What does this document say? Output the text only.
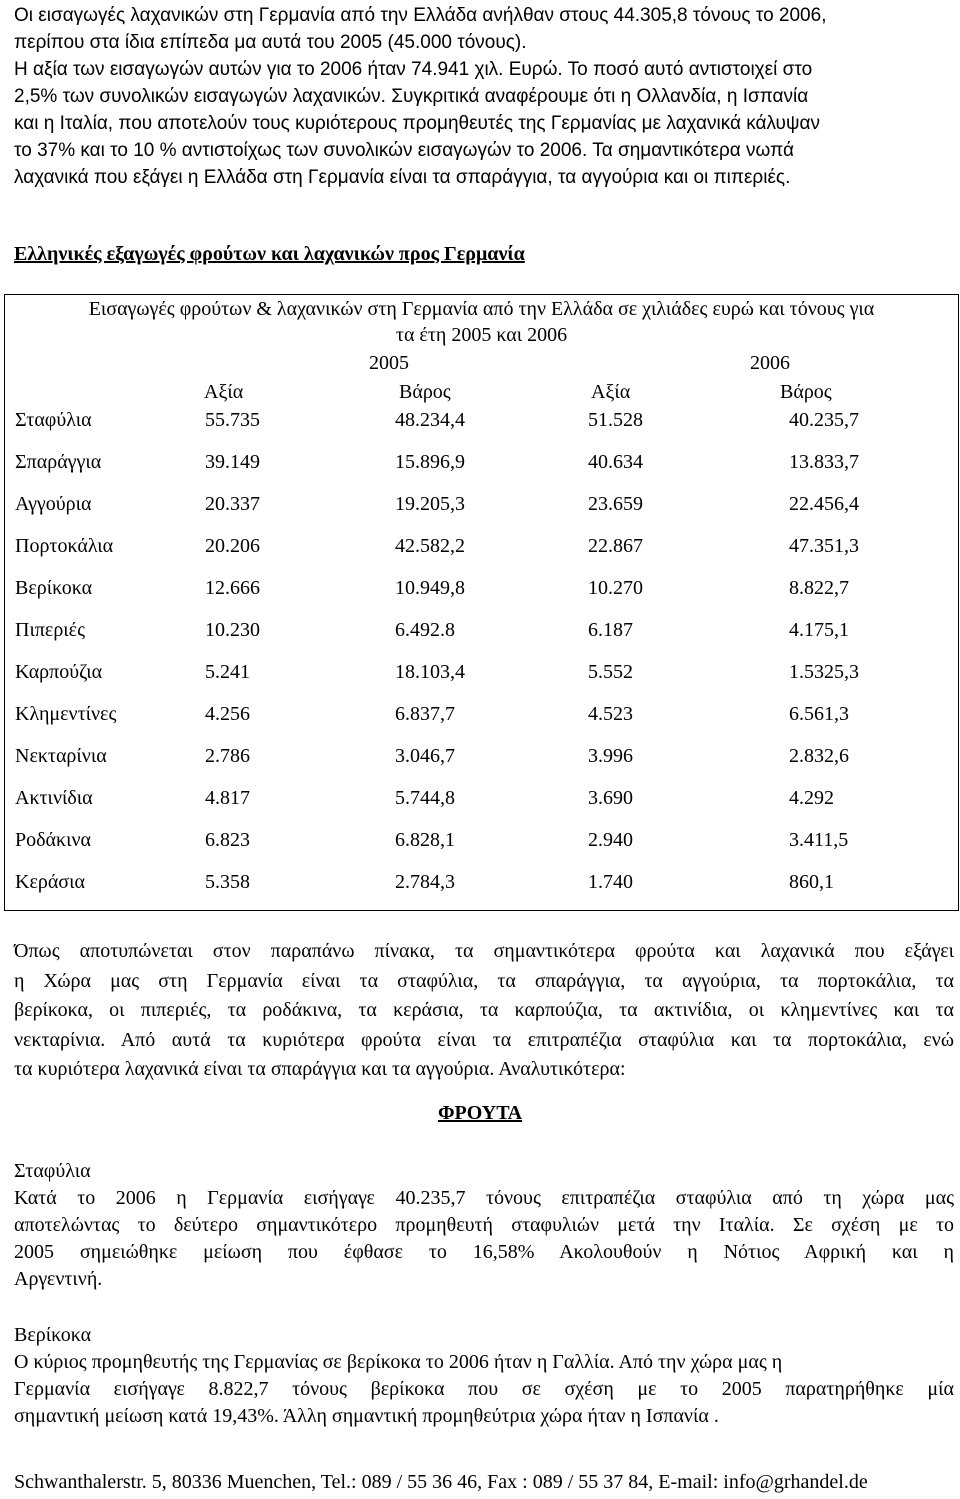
Οι εισαγωγές λαχανικών στη Γερμανία από την Ελλάδα ανήλθαν στους 44.305,8 τόνους το 2006,
περίπου στα ίδια επίπεδα μα αυτά του 2005 (45.000 τόνους).
Η αξία των εισαγωγών αυτών για το 2006 ήταν 74.941 χιλ. Ευρώ. Το ποσό αυτό αντιστοιχεί στο
2,5% των συνολικών εισαγωγών λαχανικών. Συγκριτικά αναφέρουμε ότι η Ολλανδία, η Ισπανία
και η Ιταλία, που αποτελούν τους κυριότερους προμηθευτές της Γερμανίας με λαχανικά κάλυψαν
το 37% και το 10 % αντιστοίχως των συνολικών εισαγωγών το 2006. Τα σημαντικότερα νωπά
λαχανικά που εξάγει η Ελλάδα στη Γερμανία είναι τα σπαράγγια, τα αγγούρια και οι πιπεριές.
Ελληνικές εξαγωγές φρούτων και λαχανικών προς Γερμανία
Εισαγωγές φρούτων & λαχανικών στη Γερμανία από την Ελλάδα σε χιλιάδες ευρώ και τόνους για
τα έτη 2005 και 2006
2005	2006
Αξία	Βάρος	Αξία	Βάρος
Σταφύλια	55.735	48.234,4	51.528	40.235,7
Σπαράγγια	39.149	15.896,9	40.634	13.833,7
Αγγούρια	20.337	19.205,3	23.659	22.456,4
Πορτοκάλια	20.206	42.582,2	22.867	47.351,3
Βερίκοκα	12.666	10.949,8	10.270	8.822,7
Πιπεριές	10.230	6.492.8	6.187	4.175,1
Καρπούζια	5.241	18.103,4	5.552	1.5325,3
Κλημεντίνες	4.256	6.837,7	4.523	6.561,3
Νεκταρίνια	2.786	3.046,7	3.996	2.832,6
Ακτινίδια	4.817	5.744,8	3.690	4.292
Ροδάκινα	6.823	6.828,1	2.940	3.411,5
Κεράσια	5.358	2.784,3	1.740	860,1
Όπως αποτυπώνεται στον παραπάνω πίνακα, τα σημαντικότερα φρούτα και λαχανικά που εξάγει
η Χώρα μας στη Γερμανία είναι τα σταφύλια, τα σπαράγγια, τα αγγούρια, τα πορτοκάλια, τα
βερίκοκα, οι πιπεριές, τα ροδάκινα, τα κεράσια, τα καρπούζια, τα ακτινίδια, οι κλημεντίνες και τα
νεκταρίνια. Από αυτά τα κυριότερα φρούτα είναι τα επιτραπέζια σταφύλια και τα πορτοκάλια, ενώ
τα κυριότερα λαχανικά είναι τα σπαράγγια και τα αγγούρια. Αναλυτικότερα:
ΦΡΟΥΤΑ
Σταφύλια
Κατά το 2006 η Γερμανία εισήγαγε 40.235,7 τόνους επιτραπέζια σταφύλια από τη χώρα μας
αποτελώντας το δεύτερο σημαντικότερο προμηθευτή σταφυλιών μετά την Ιταλία. Σε σχέση με το
2005 σημειώθηκε μείωση που έφθασε το 16,58% Ακολουθούν η Νότιος Αφρική και η
Αργεντινή.
Βερίκοκα
Ο κύριος προμηθευτής της Γερμανίας σε βερίκοκα το 2006 ήταν η Γαλλία. Από την χώρα μας η
Γερμανία εισήγαγε 8.822,7 τόνους βερίκοκα που σε σχέση με το 2005 παρατηρήθηκε μία
σημαντική μείωση κατά 19,43%. Άλλη σημαντική προμηθεύτρια χώρα ήταν η Ισπανία .
Schwanthalerstr. 5, 80336 Muenchen, Tel.: 089 / 55 36 46, Fax : 089 / 55 37 84, E-mail: info@grhandel.de
